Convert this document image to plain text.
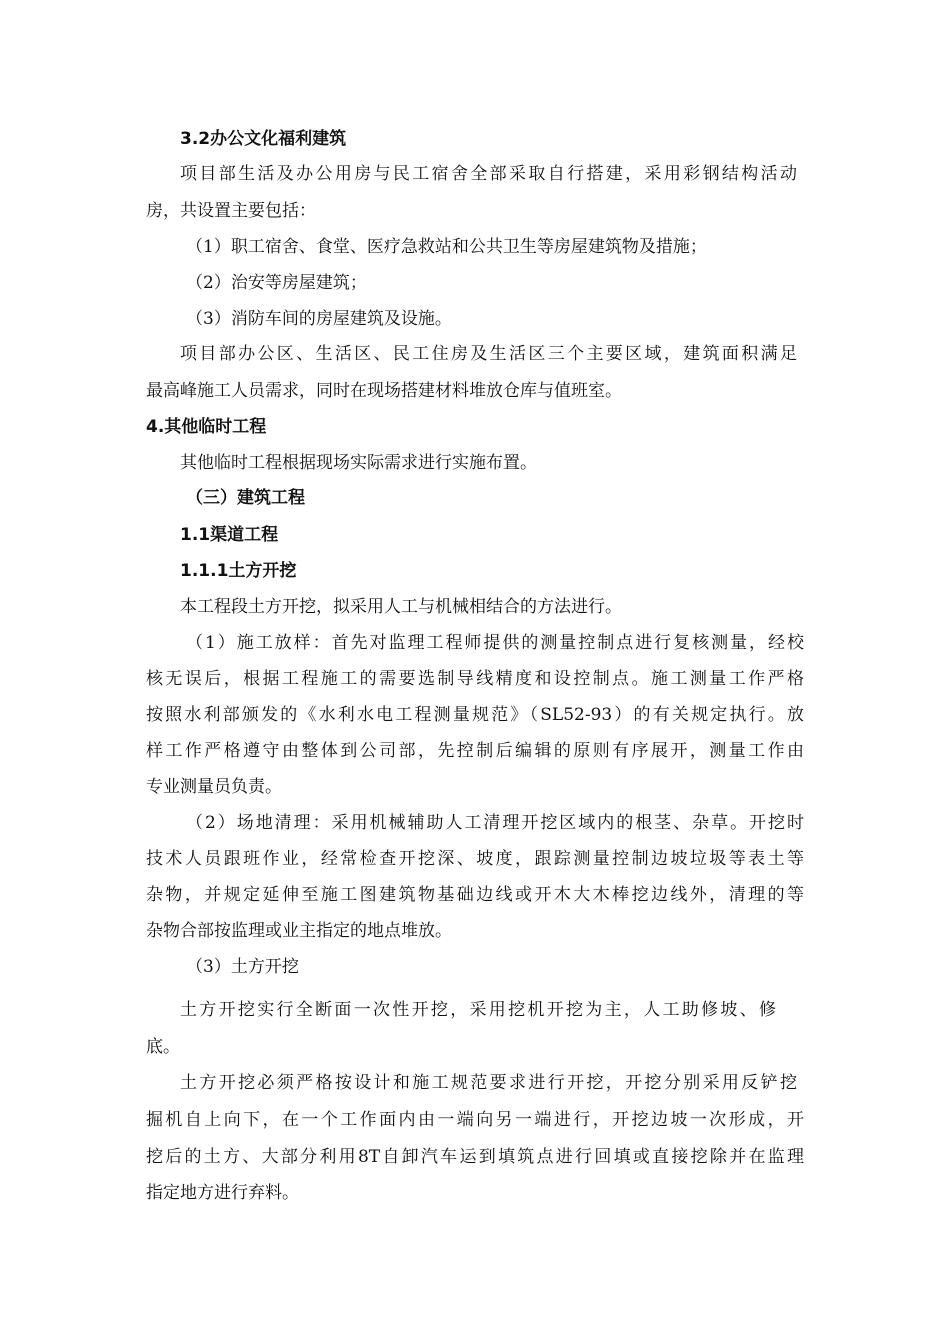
3.2办公文化福利建筑
项目部生活及办公用房与民工宿舍全部采取自行搭建，采用彩钢结构活动
房，共设置主要包括：
（1）职工宿舍、食堂、医疗急救站和公共卫生等房屋建筑物及措施；
（2）治安等房屋建筑；
（3）消防车间的房屋建筑及设施。
项目部办公区、生活区、民工住房及生活区三个主要区域，建筑面积满足
最高峰施工人员需求，同时在现场搭建材料堆放仓库与值班室。
4.其他临时工程
其他临时工程根据现场实际需求进行实施布置。
（三）建筑工程
1.1渠道工程
1.1.1土方开挖
本工程段土方开挖，拟采用人工与机械相结合的方法进行。
（1）施工放样：首先对监理工程师提供的测量控制点进行复核测量，经校
核无误后，根据工程施工的需要选制导线精度和设控制点。施工测量工作严格
按照水利部颁发的《水利水电工程测量规范》（SL52-93）的有关规定执行。放
样工作严格遵守由整体到公司部，先控制后编辑的原则有序展开，测量工作由
专业测量员负责。
（2）场地清理：采用机械辅助人工清理开挖区域内的根茎、杂草。开挖时
技术人员跟班作业，经常检查开挖深、坡度，跟踪测量控制边坡垃圾等表土等
杂物，并规定延伸至施工图建筑物基础边线或开木大木棒挖边线外，清理的等
杂物合部按监理或业主指定的地点堆放。
（3）土方开挖
土方开挖实行全断面一次性开挖，采用挖机开挖为主，人工助修坡、修
底。
土方开挖必须严格按设计和施工规范要求进行开挖，开挖分别采用反铲挖
掘机自上向下，在一个工作面内由一端向另一端进行，开挖边坡一次形成，开
挖后的土方、大部分利用8T自卸汽车运到填筑点进行回填或直接挖除并在监理
指定地方进行弃料。
